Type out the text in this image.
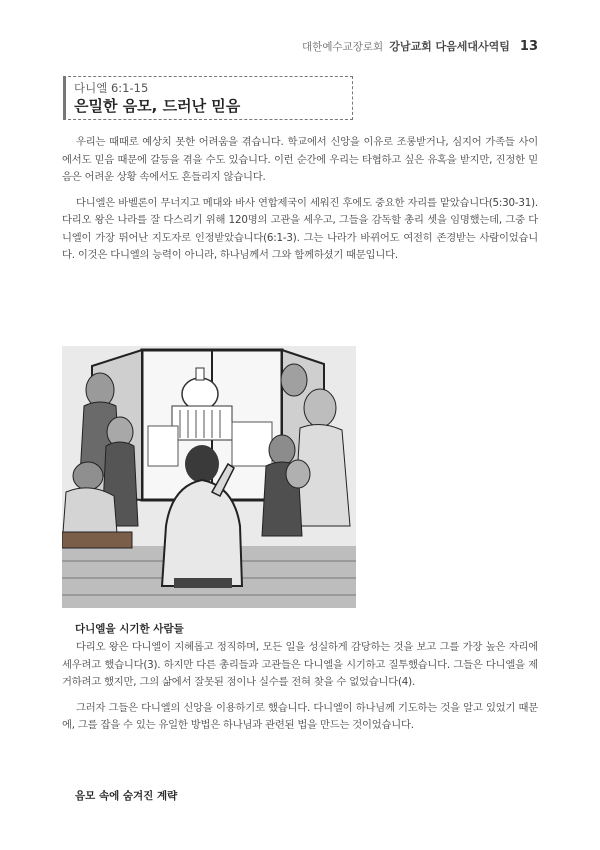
대한예수교장로회 강남교회 다음세대사역팀 13
다니엘 6:1-15
은밀한 음모, 드러난 믿음

우리는 때때로 예상치 못한 어려움을 겪습니다. 학교에서 신앙을 이유로 조롱받거나, 심지어 가족들 사이에서도 믿음 때문에 갈등을 겪을 수도 있습니다. 이런 순간에 우리는 타협하고 싶은 유혹을 받지만, 진정한 믿음은 어려운 상황 속에서도 흔들리지 않습니다.

다니엘은 바벨론이 무너지고 메대와 바사 연합제국이 세워진 후에도 중요한 자리를 맡았습니다(5:30-31). 다리오 왕은 나라를 잘 다스리기 위해 120명의 고관을 세우고, 그들을 감독할 총리 셋을 임명했는데, 그중 다니엘이 가장 뛰어난 지도자로 인정받았습니다(6:1-3). 그는 나라가 바뀌어도 여전히 존경받는 사람이었습니다. 이것은 다니엘의 능력이 아니라, 하나님께서 그와 함께하셨기 때문입니다.

다니엘을 시기한 사람들

다리오 왕은 다니엘이 지혜롭고 정직하며, 모든 일을 성실하게 감당하는 것을 보고 그를 가장 높은 자리에 세우려고 했습니다(3). 하지만 다른 총리들과 고관들은 다니엘을 시기하고 질투했습니다. 그들은 다니엘을 제거하려고 했지만, 그의 삶에서 잘못된 점이나 실수를 전혀 찾을 수 없었습니다(4).

그러자 그들은 다니엘의 신앙을 이용하기로 했습니다. 다니엘이 하나님께 기도하는 것을 알고 있었기 때문에, 그를 잡을 수 있는 유일한 방법은 하나님과 관련된 법을 만드는 것이었습니다.

음모 속에 숨겨진 계략
